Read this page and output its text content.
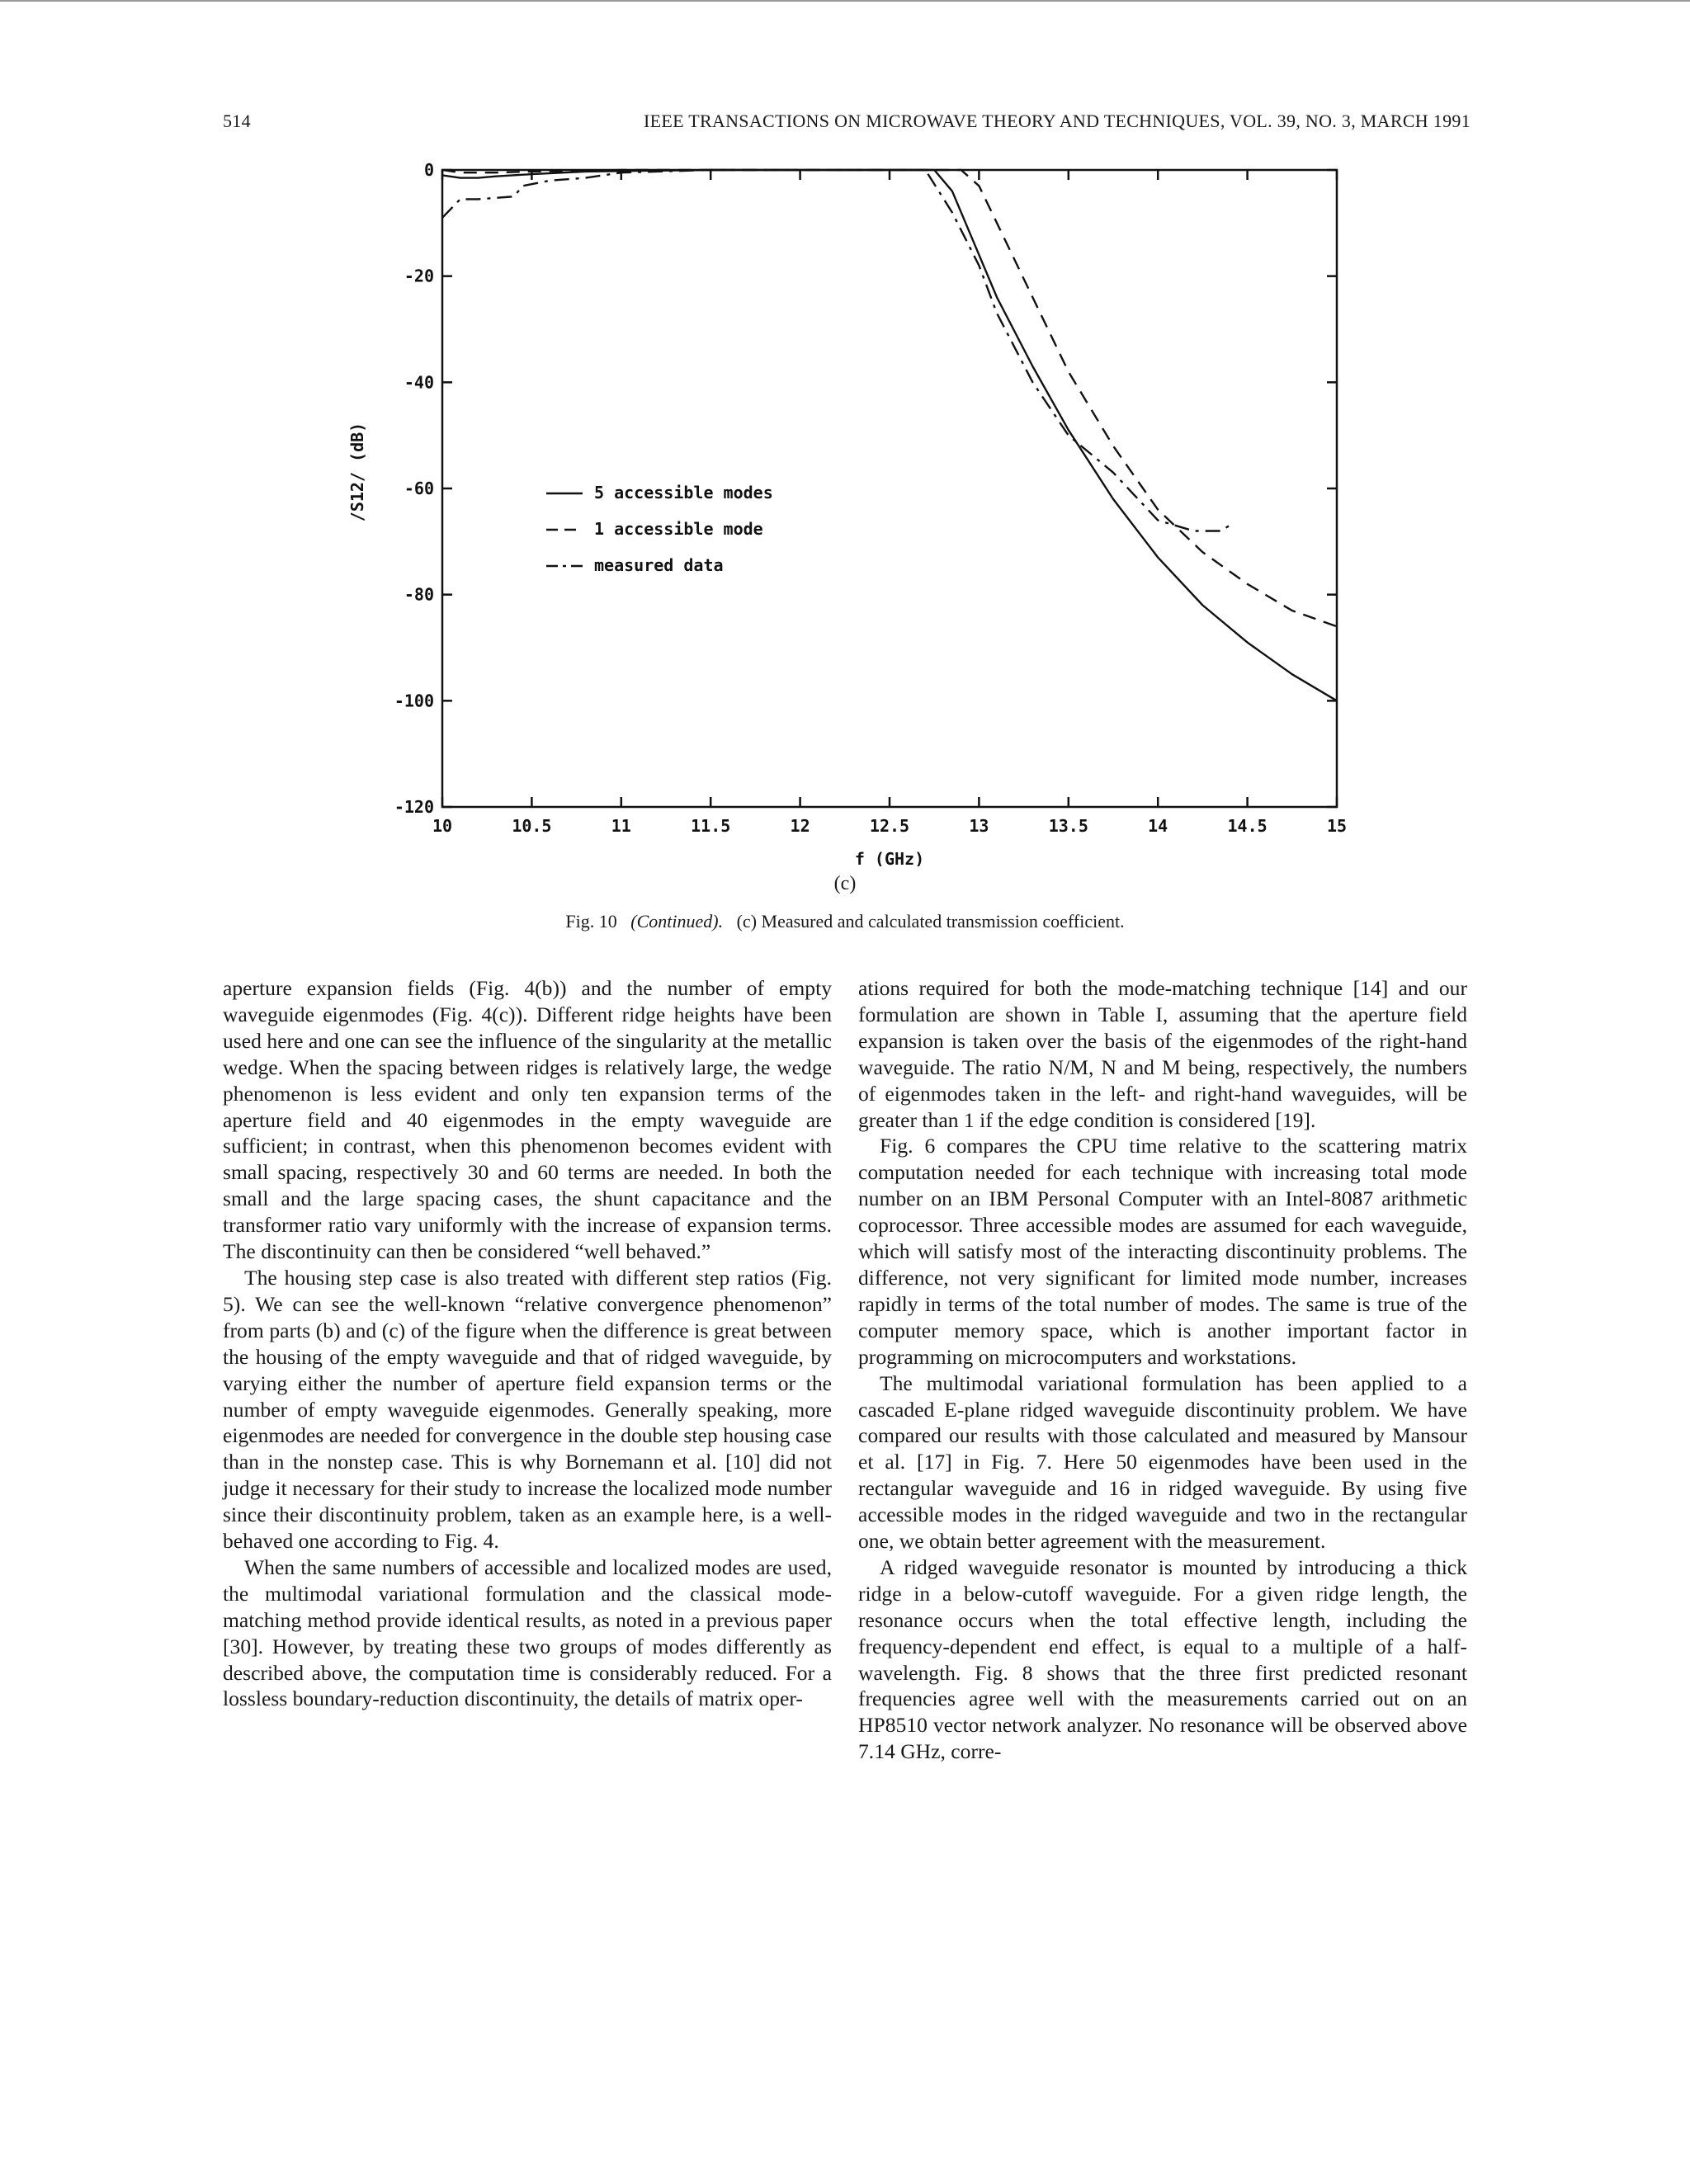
514	IEEE TRANSACTIONS ON MICROWAVE THEORY AND TECHNIQUES, VOL. 39, NO. 3, MARCH 1991
10	10.5	11	11.5	12	12.5	13	13.5	14	14.5	15
0
-20
-40
-60
-80
-100
-120
5 accessible modes
1 accessible mode
measured data
f (GHz)
/S12/ (dB)
(c)
Fig. 10 (Continued). (c) Measured and calculated transmission coefficient.

aperture expansion fields (Fig. 4(b)) and the number of empty waveguide eigenmodes (Fig. 4(c)). Different ridge heights have been used here and one can see the influence of the singularity at the metallic wedge. When the spacing between ridges is relatively large, the wedge phenomenon is less evident and only ten expansion terms of the aperture field and 40 eigenmodes in the empty waveguide are sufficient; in contrast, when this phenomenon becomes evident with small spacing, respectively 30 and 60 terms are needed. In both the small and the large spacing cases, the shunt capacitance and the transformer ratio vary uniformly with the increase of expansion terms. The discontinuity can then be considered “well behaved.”

The housing step case is also treated with different step ratios (Fig. 5). We can see the well-known “relative convergence phenomenon” from parts (b) and (c) of the figure when the difference is great between the housing of the empty waveguide and that of ridged waveguide, by varying either the number of aperture field expansion terms or the number of empty waveguide eigenmodes. Generally speaking, more eigenmodes are needed for convergence in the double step housing case than in the nonstep case. This is why Bornemann et al. [10] did not judge it necessary for their study to increase the localized mode number since their discontinuity problem, taken as an example here, is a well-behaved one according to Fig. 4.

When the same numbers of accessible and localized modes are used, the multimodal variational formulation and the classical mode-matching method provide identical results, as noted in a previous paper [30]. However, by treating these two groups of modes differently as described above, the computation time is considerably reduced. For a lossless boundary-reduction discontinuity, the details of matrix oper-

ations required for both the mode-matching technique [14] and our formulation are shown in Table I, assuming that the aperture field expansion is taken over the basis of the eigenmodes of the right-hand waveguide. The ratio N/M, N and M being, respectively, the numbers of eigenmodes taken in the left- and right-hand waveguides, will be greater than 1 if the edge condition is considered [19].

Fig. 6 compares the CPU time relative to the scattering matrix computation needed for each technique with increasing total mode number on an IBM Personal Computer with an Intel-8087 arithmetic coprocessor. Three accessible modes are assumed for each waveguide, which will satisfy most of the interacting discontinuity problems. The difference, not very significant for limited mode number, increases rapidly in terms of the total number of modes. The same is true of the computer memory space, which is another important factor in programming on microcomputers and workstations.

The multimodal variational formulation has been applied to a cascaded E-plane ridged waveguide discontinuity problem. We have compared our results with those calculated and measured by Mansour et al. [17] in Fig. 7. Here 50 eigenmodes have been used in the rectangular waveguide and 16 in ridged waveguide. By using five accessible modes in the ridged waveguide and two in the rectangular one, we obtain better agreement with the measurement.

A ridged waveguide resonator is mounted by introducing a thick ridge in a below-cutoff waveguide. For a given ridge length, the resonance occurs when the total effective length, including the frequency-dependent end effect, is equal to a multiple of a half-wavelength. Fig. 8 shows that the three first predicted resonant frequencies agree well with the measurements carried out on an HP8510 vector network analyzer. No resonance will be observed above 7.14 GHz, corre-
